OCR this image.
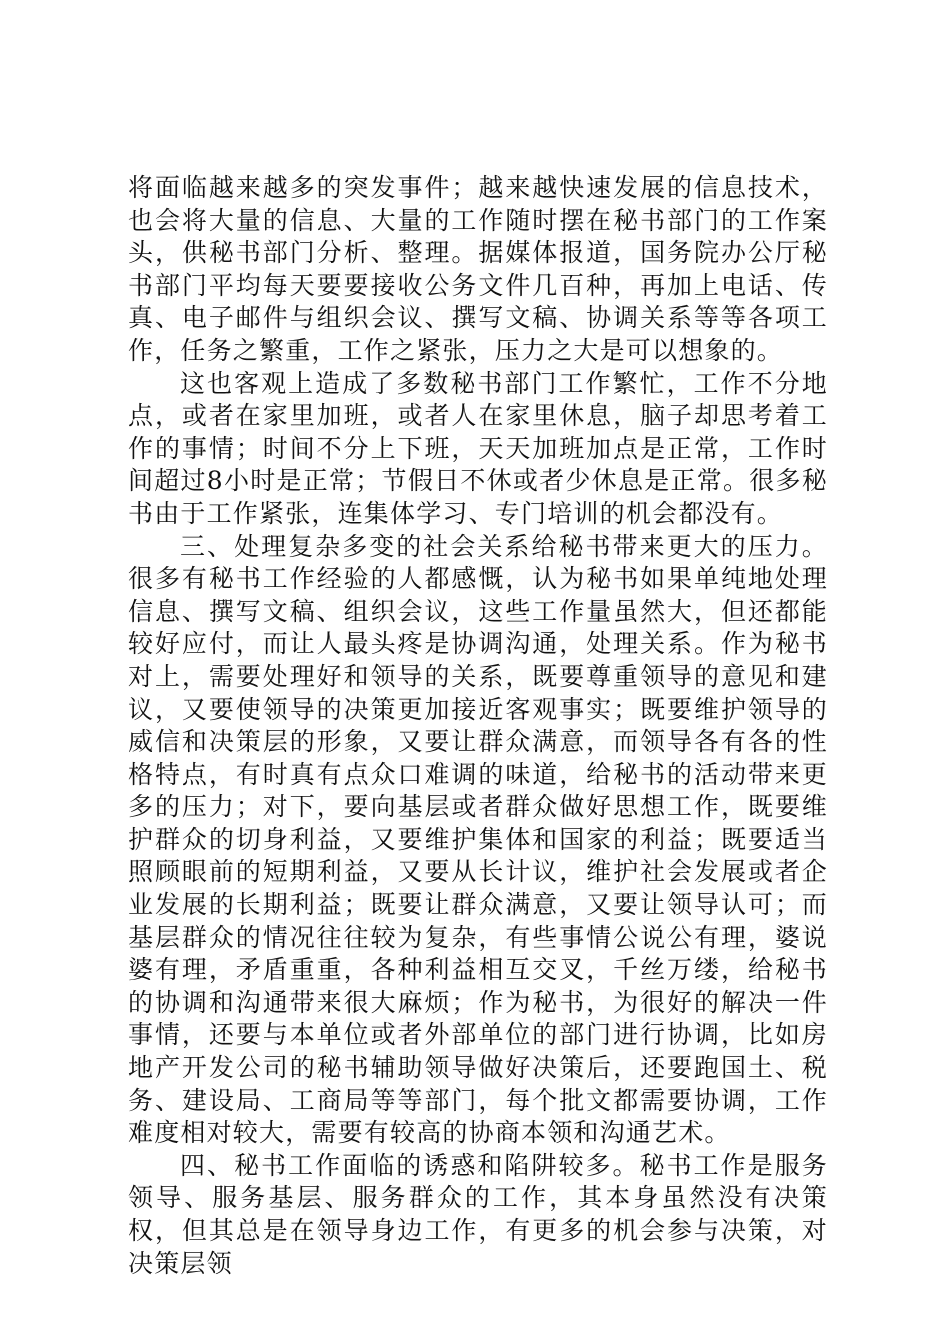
将面临越来越多的突发事件；越来越快速发展的信息技术，也会将大量的信息、大量的工作随时摆在秘书部门的工作案头，供秘书部门分析、整理。据媒体报道，国务院办公厅秘书部门平均每天要要接收公务文件几百种，再加上电话、传真、电子邮件与组织会议、撰写文稿、协调关系等等各项工作，任务之繁重，工作之紧张，压力之大是可以想象的。

这也客观上造成了多数秘书部门工作繁忙，工作不分地点，或者在家里加班，或者人在家里休息，脑子却思考着工作的事情；时间不分上下班，天天加班加点是正常，工作时间超过8小时是正常；节假日不休或者少休息是正常。很多秘书由于工作紧张，连集体学习、专门培训的机会都没有。

三、处理复杂多变的社会关系给秘书带来更大的压力。很多有秘书工作经验的人都感慨，认为秘书如果单纯地处理信息、撰写文稿、组织会议，这些工作量虽然大，但还都能较好应付，而让人最头疼是协调沟通，处理关系。作为秘书对上，需要处理好和领导的关系，既要尊重领导的意见和建议，又要使领导的决策更加接近客观事实；既要维护领导的威信和决策层的形象，又要让群众满意，而领导各有各的性格特点，有时真有点众口难调的味道，给秘书的活动带来更多的压力；对下，要向基层或者群众做好思想工作，既要维护群众的切身利益，又要维护集体和国家的利益；既要适当照顾眼前的短期利益，又要从长计议，维护社会发展或者企业发展的长期利益；既要让群众满意，又要让领导认可；而基层群众的情况往往较为复杂，有些事情公说公有理，婆说婆有理，矛盾重重，各种利益相互交叉，千丝万缕，给秘书的协调和沟通带来很大麻烦；作为秘书，为很好的解决一件事情，还要与本单位或者外部单位的部门进行协调，比如房地产开发公司的秘书辅助领导做好决策后，还要跑国土、税务、建设局、工商局等等部门，每个批文都需要协调，工作难度相对较大，需要有较高的协商本领和沟通艺术。

四、秘书工作面临的诱惑和陷阱较多。秘书工作是服务领导、服务基层、服务群众的工作，其本身虽然没有决策权，但其总是在领导身边工作，有更多的机会参与决策，对决策层领
